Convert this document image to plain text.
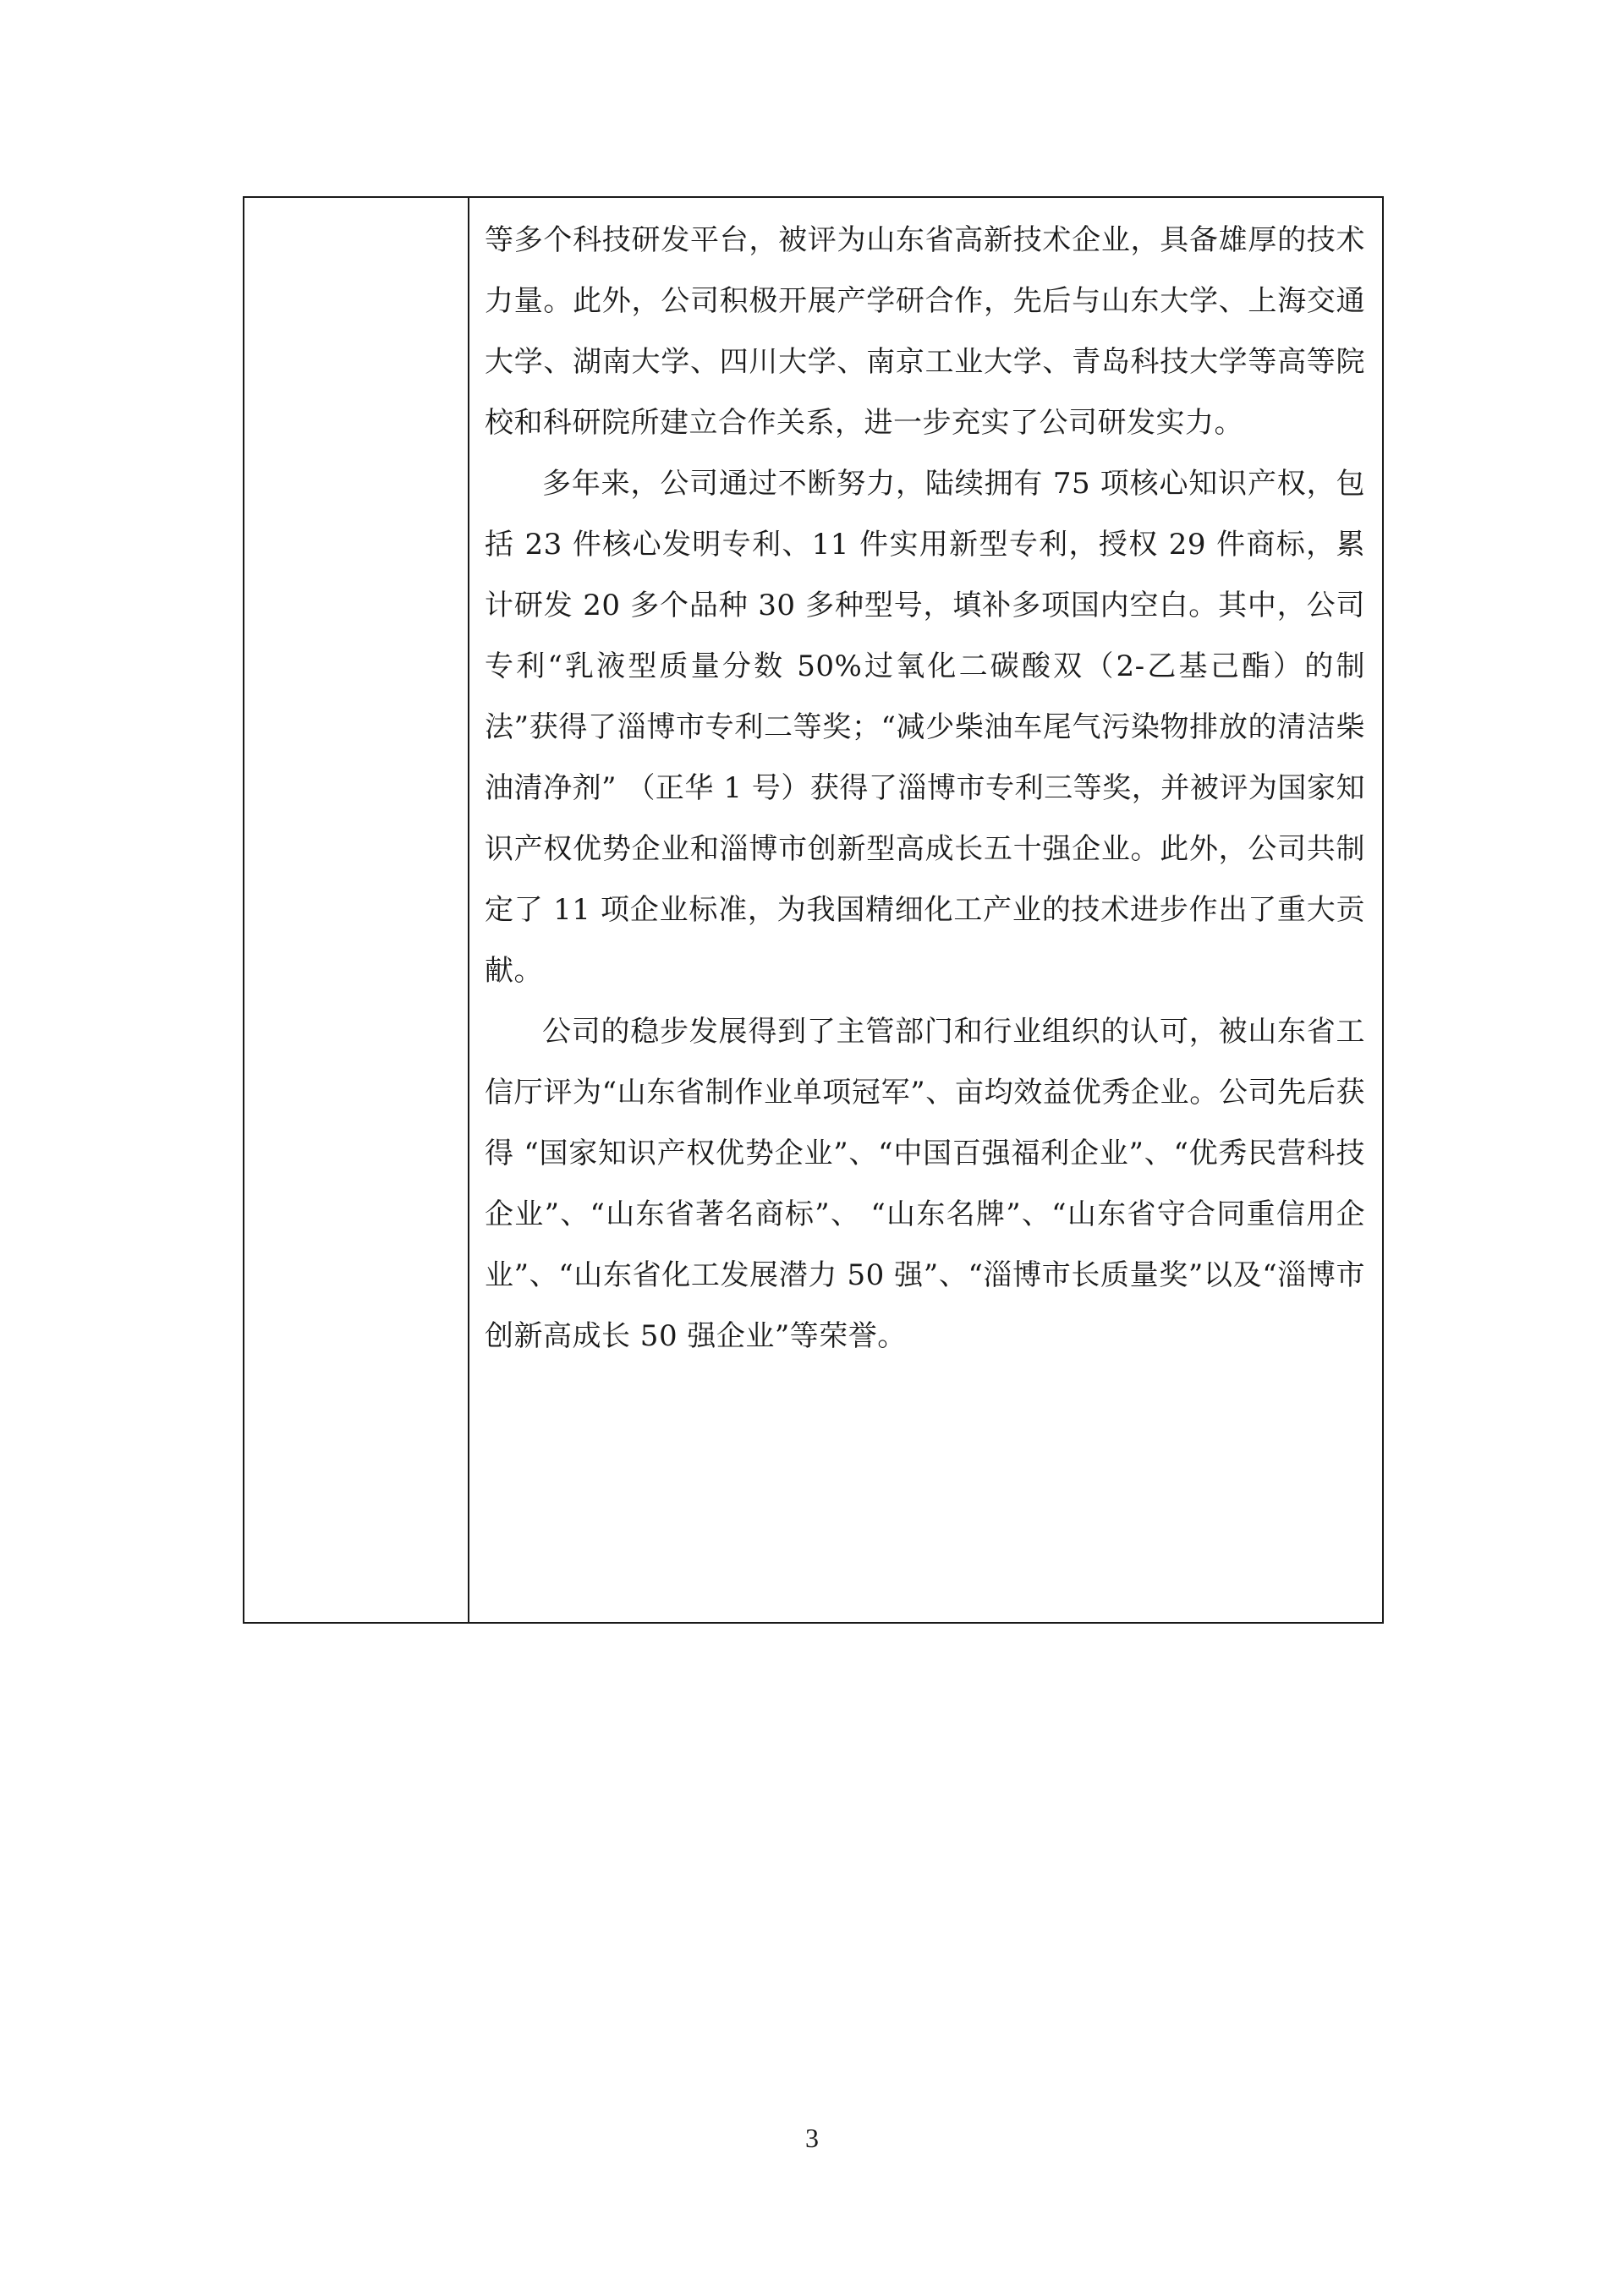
等多个科技研发平台，被评为山东省高新技术企业，具备雄厚的技术力量。此外，公司积极开展产学研合作，先后与山东大学、上海交通大学、湖南大学、四川大学、南京工业大学、青岛科技大学等高等院校和科研院所建立合作关系，进一步充实了公司研发实力。

多年来，公司通过不断努力，陆续拥有 75 项核心知识产权，包括 23 件核心发明专利、11 件实用新型专利，授权 29 件商标，累计研发 20 多个品种 30 多种型号，填补多项国内空白。其中，公司专利“乳液型质量分数 50%过氧化二碳酸双（2-乙基己酯）的制法”获得了淄博市专利二等奖；“减少柴油车尾气污染物排放的清洁柴油清净剂” （正华 1 号）获得了淄博市专利三等奖，并被评为国家知识产权优势企业和淄博市创新型高成长五十强企业。此外，公司共制定了 11 项企业标准，为我国精细化工产业的技术进步作出了重大贡献。

公司的稳步发展得到了主管部门和行业组织的认可，被山东省工信厅评为“山东省制作业单项冠军”、亩均效益优秀企业。公司先后获得 “国家知识产权优势企业”、“中国百强福利企业”、“优秀民营科技企业”、“山东省著名商标”、 “山东名牌”、“山东省守合同重信用企业”、“山东省化工发展潜力 50 强”、“淄博市长质量奖”以及“淄博市创新高成长 50 强企业”等荣誉。

3
